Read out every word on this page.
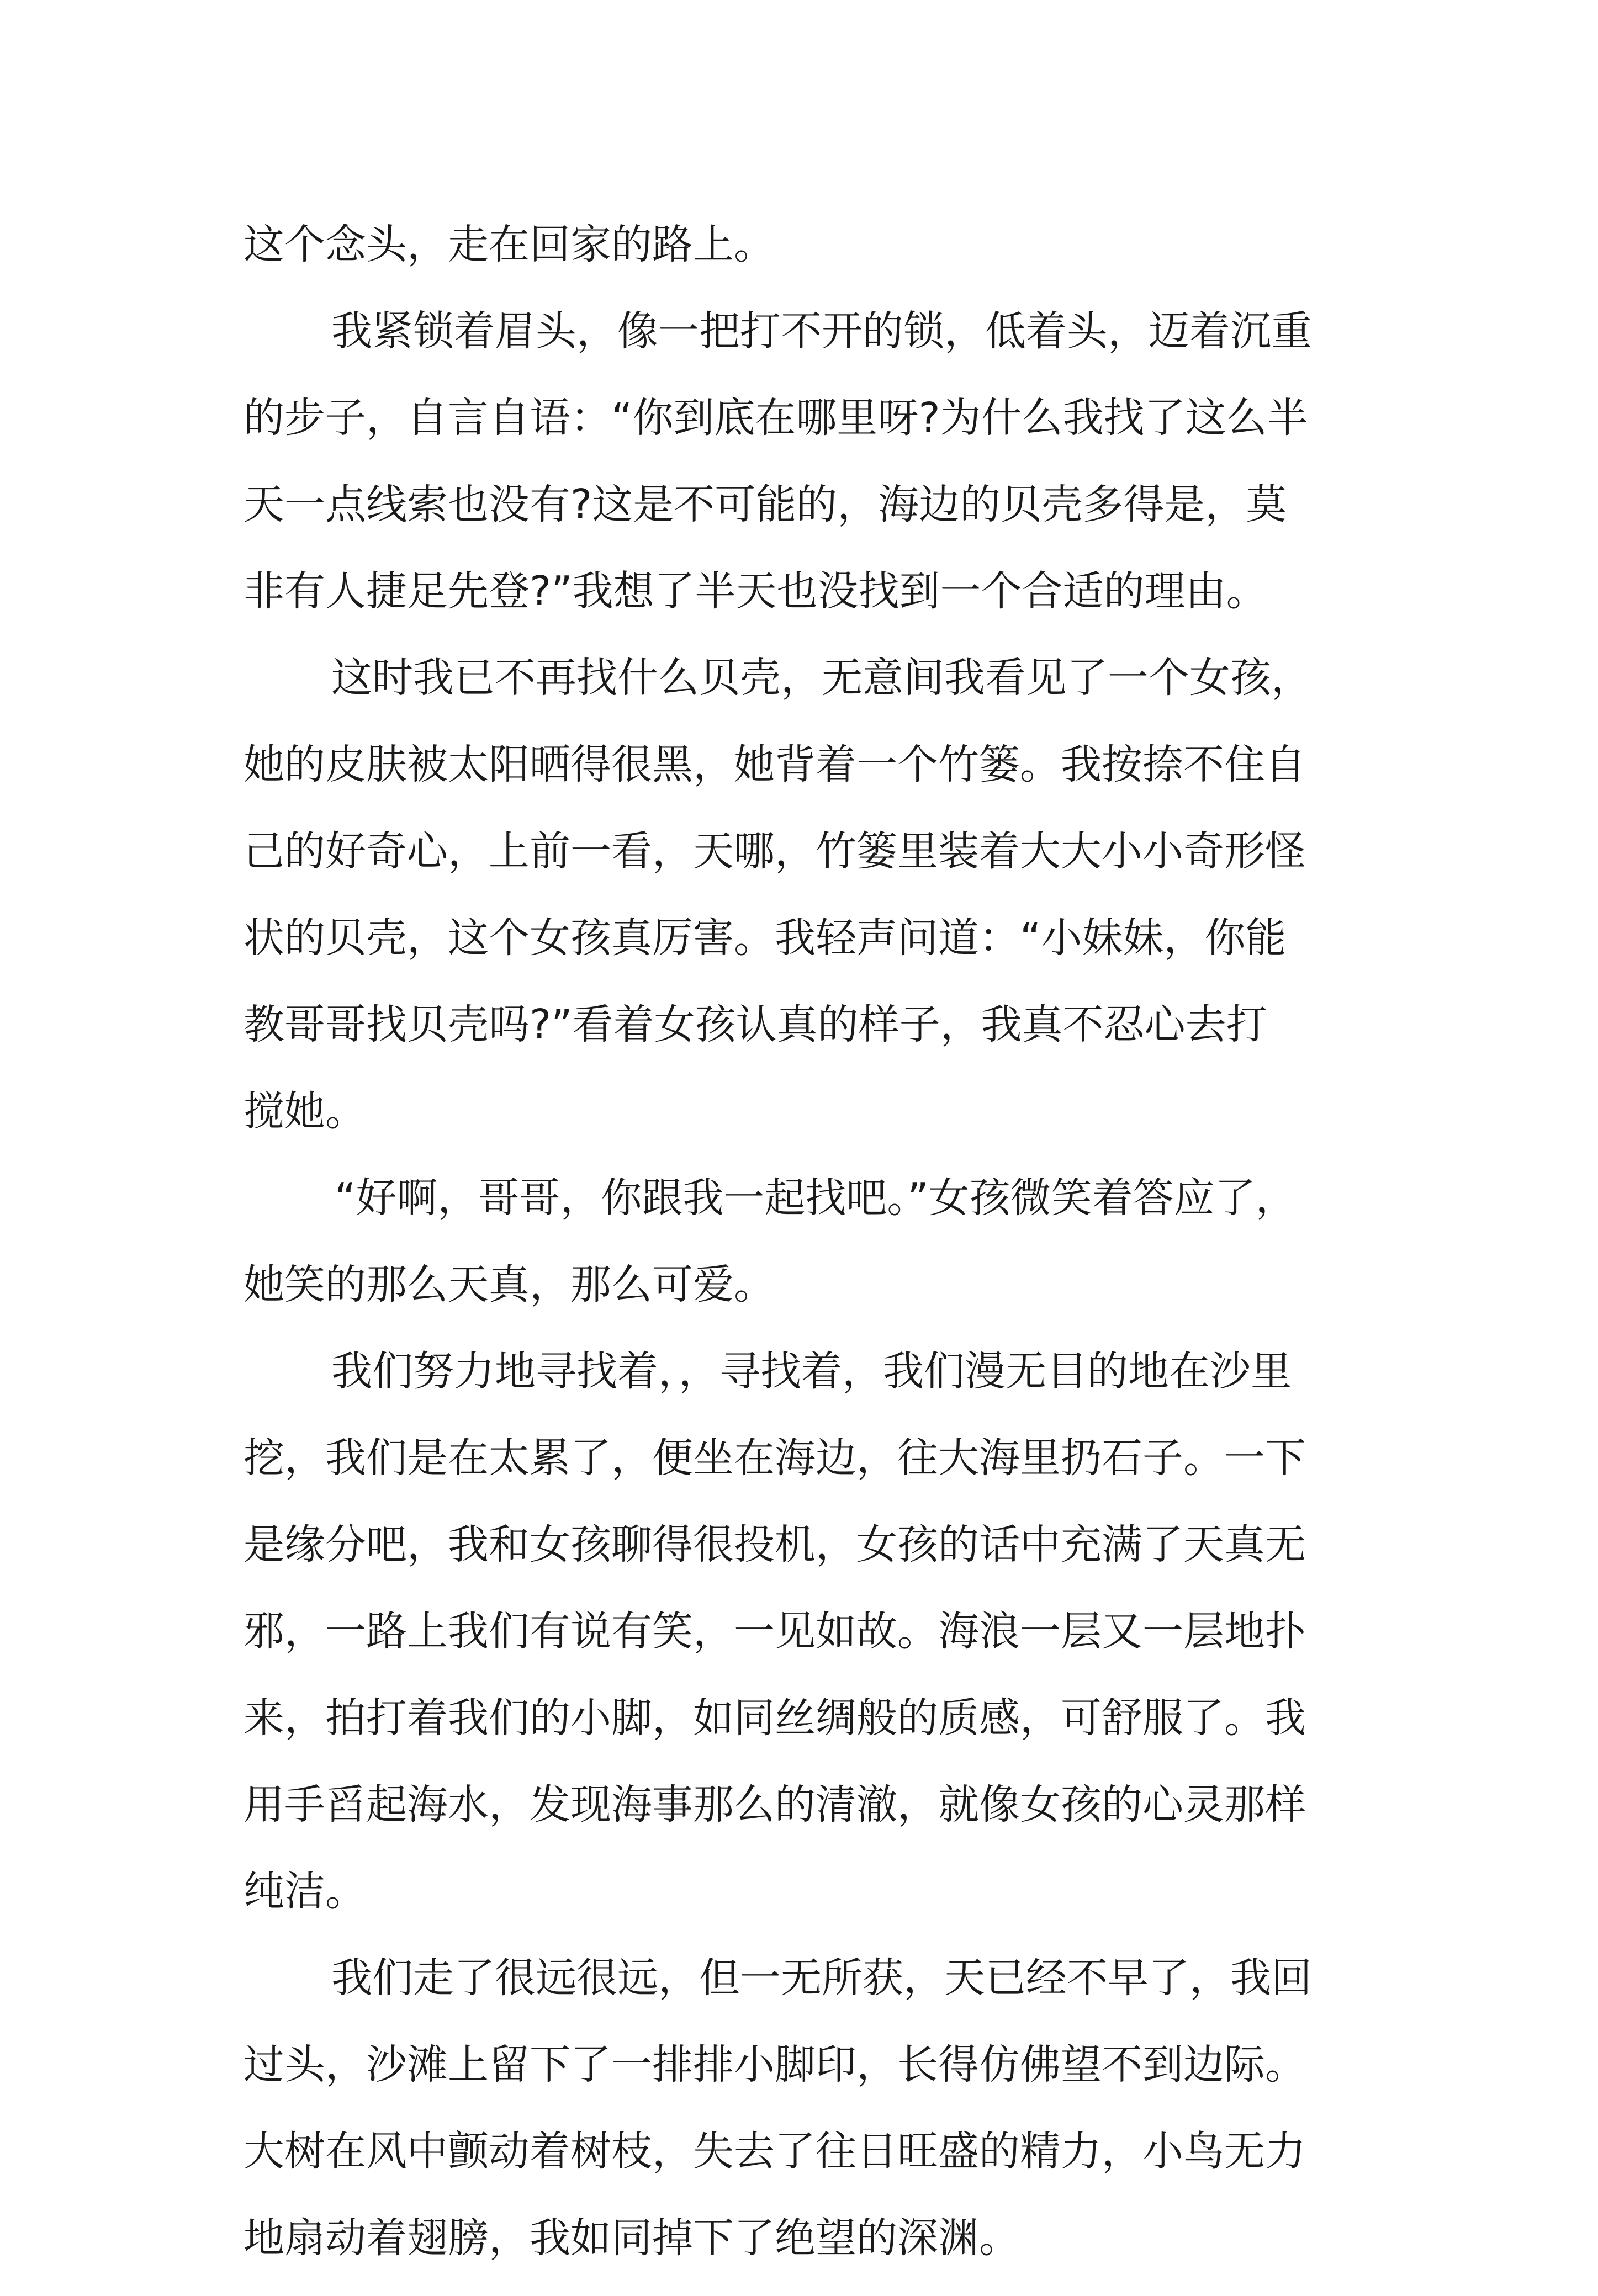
这个念头，走在回家的路上。
我紧锁着眉头，像一把打不开的锁，低着头，迈着沉重
的步子，自言自语：“你到底在哪里呀?为什么我找了这么半
天一点线索也没有?这是不可能的，海边的贝壳多得是，莫
非有人捷足先登?”我想了半天也没找到一个合适的理由。
这时我已不再找什么贝壳，无意间我看见了一个女孩，
她的皮肤被太阳晒得很黑，她背着一个竹篓。我按捺不住自
己的好奇心，上前一看，天哪，竹篓里装着大大小小奇形怪
状的贝壳，这个女孩真厉害。我轻声问道：“小妹妹，你能
教哥哥找贝壳吗?”看着女孩认真的样子，我真不忍心去打
搅她。
“好啊，哥哥，你跟我一起找吧。”女孩微笑着答应了，
她笑的那么天真，那么可爱。
我们努力地寻找着，，寻找着，我们漫无目的地在沙里
挖，我们是在太累了，便坐在海边，往大海里扔石子。一下
是缘分吧，我和女孩聊得很投机，女孩的话中充满了天真无
邪，一路上我们有说有笑，一见如故。海浪一层又一层地扑
来，拍打着我们的小脚，如同丝绸般的质感，可舒服了。我
用手舀起海水，发现海事那么的清澈，就像女孩的心灵那样
纯洁。
我们走了很远很远，但一无所获，天已经不早了，我回
过头，沙滩上留下了一排排小脚印，长得仿佛望不到边际。
大树在风中颤动着树枝，失去了往日旺盛的精力，小鸟无力
地扇动着翅膀，我如同掉下了绝望的深渊。
